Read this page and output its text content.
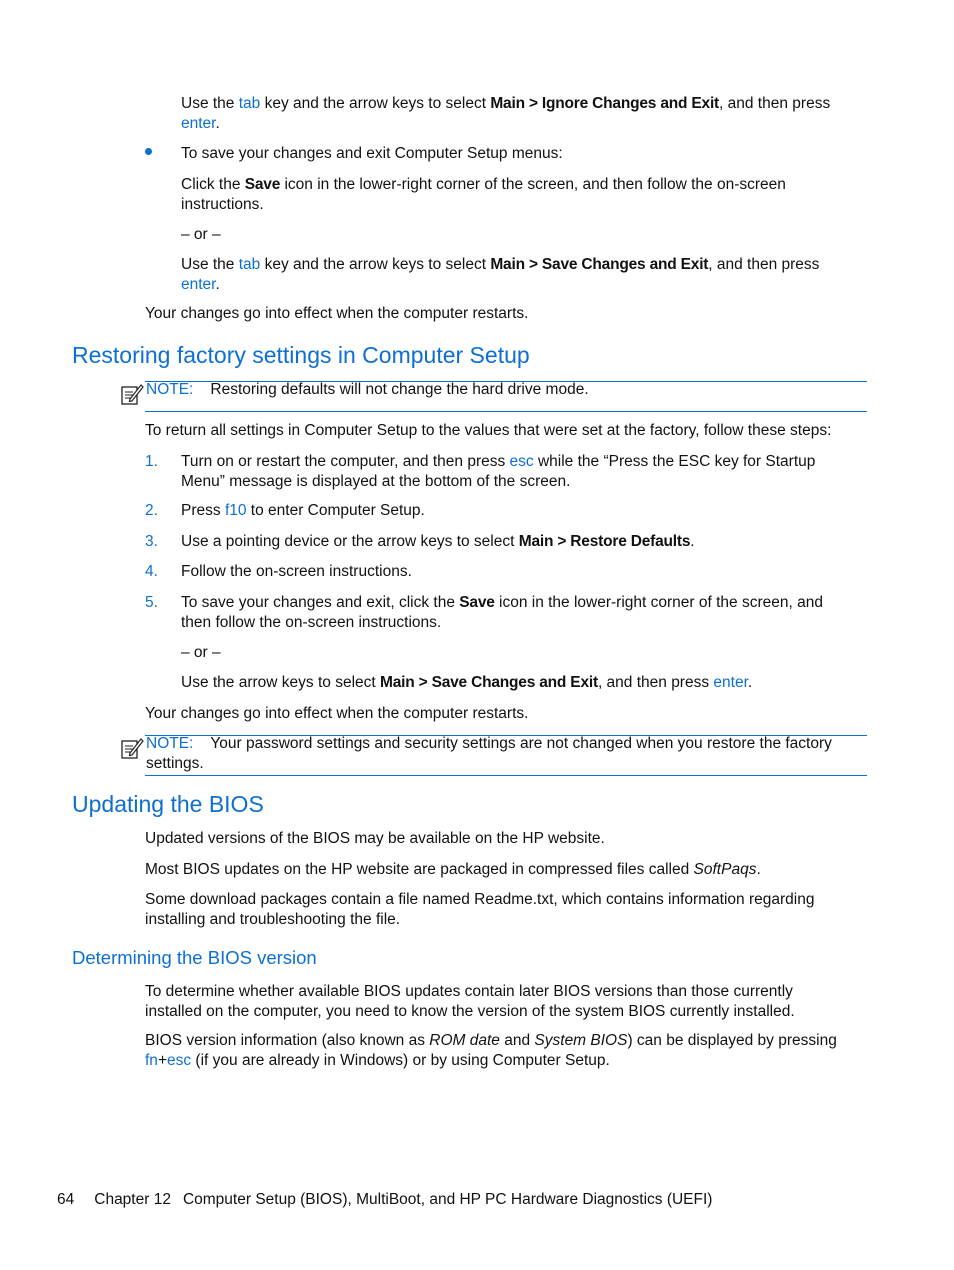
Use the tab key and the arrow keys to select Main > Ignore Changes and Exit, and then press
enter.
To save your changes and exit Computer Setup menus:
Click the Save icon in the lower-right corner of the screen, and then follow the on-screen
instructions.
– or –
Use the tab key and the arrow keys to select Main > Save Changes and Exit, and then press
enter.
Your changes go into effect when the computer restarts.
Restoring factory settings in Computer Setup
NOTE: Restoring defaults will not change the hard drive mode.
To return all settings in Computer Setup to the values that were set at the factory, follow these steps:
1. Turn on or restart the computer, and then press esc while the “Press the ESC key for Startup
Menu” message is displayed at the bottom of the screen.
2. Press f10 to enter Computer Setup.
3. Use a pointing device or the arrow keys to select Main > Restore Defaults.
4. Follow the on-screen instructions.
5. To save your changes and exit, click the Save icon in the lower-right corner of the screen, and
then follow the on-screen instructions.
– or –
Use the arrow keys to select Main > Save Changes and Exit, and then press enter.
Your changes go into effect when the computer restarts.
NOTE: Your password settings and security settings are not changed when you restore the factory
settings.
Updating the BIOS
Updated versions of the BIOS may be available on the HP website.
Most BIOS updates on the HP website are packaged in compressed files called SoftPaqs.
Some download packages contain a file named Readme.txt, which contains information regarding
installing and troubleshooting the file.
Determining the BIOS version
To determine whether available BIOS updates contain later BIOS versions than those currently
installed on the computer, you need to know the version of the system BIOS currently installed.
BIOS version information (also known as ROM date and System BIOS) can be displayed by pressing
fn+esc (if you are already in Windows) or by using Computer Setup.
64 Chapter 12 Computer Setup (BIOS), MultiBoot, and HP PC Hardware Diagnostics (UEFI)
